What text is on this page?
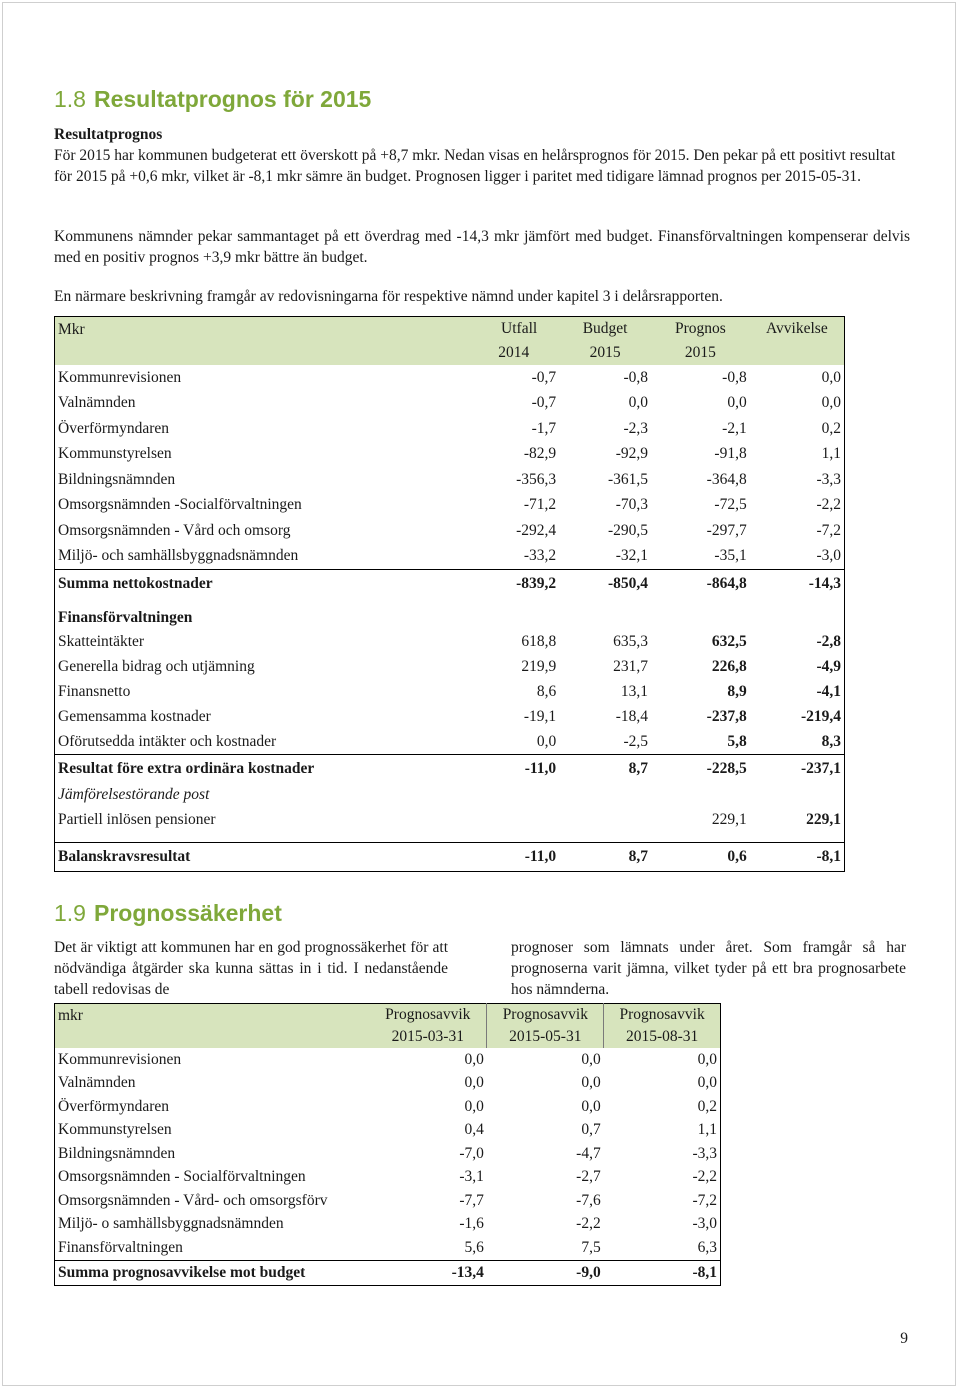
1.8 Resultatprognos för 2015
Resultatprognos
För 2015 har kommunen budgeterat ett överskott på +8,7 mkr. Nedan visas en helårsprognos för 2015. Den pekar på ett positivt resultat för 2015 på +0,6 mkr, vilket är -8,1 mkr sämre än budget. Prognosen ligger i paritet med tidigare lämnad prognos per 2015-05-31.
Kommunens nämnder pekar sammantaget på ett överdrag med -14,3 mkr jämfört med budget. Finansförvaltningen kompenserar delvis med en positiv prognos +3,9 mkr bättre än budget.
En närmare beskrivning framgår av redovisningarna för respektive nämnd under kapitel 3 i delårsrapporten.
Mkr	Utfall	Budget	Prognos	Avvikelse
	2014	2015	2015	
Kommunrevisionen	-0,7	-0,8	-0,8	0,0
Valnämnden	-0,7	0,0	0,0	0,0
Överförmyndaren	-1,7	-2,3	-2,1	0,2
Kommunstyrelsen	-82,9	-92,9	-91,8	1,1
Bildningsnämnden	-356,3	-361,5	-364,8	-3,3
Omsorgsnämnden -Socialförvaltningen	-71,2	-70,3	-72,5	-2,2
Omsorgsnämnden - Vård och omsorg	-292,4	-290,5	-297,7	-7,2
Miljö- och samhällsbyggnadsnämnden	-33,2	-32,1	-35,1	-3,0
Summa nettokostnader	-839,2	-850,4	-864,8	-14,3

Finansförvaltningen				
Skatteintäkter	618,8	635,3	632,5	-2,8
Generella bidrag och utjämning	219,9	231,7	226,8	-4,9
Finansnetto	8,6	13,1	8,9	-4,1
Gemensamma kostnader	-19,1	-18,4	-237,8	-219,4
Oförutsedda intäkter och kostnader	0,0	-2,5	5,8	8,3
Resultat före extra ordinära kostnader	-11,0	8,7	-228,5	-237,1
Jämförelsestörande post				
Partiell inlösen pensioner			229,1	229,1

Balanskravsresultat	-11,0	8,7	0,6	-8,1
1.9 Prognossäkerhet
Det är viktigt att kommunen har en god prognossäkerhet för att nödvändiga åtgärder ska kunna sättas in i tid. I nedanstående tabell redovisas de
prognoser som lämnats under året. Som framgår så har prognoserna varit jämna, vilket tyder på ett bra prognosarbete hos nämnderna.
mkr	Prognosavvik	Prognosavvik	Prognosavvik
	2015-03-31	2015-05-31	2015-08-31
Kommunrevisionen	0,0	0,0	0,0
Valnämnden	0,0	0,0	0,0
Överförmyndaren	0,0	0,0	0,2
Kommunstyrelsen	0,4	0,7	1,1
Bildningsnämnden	-7,0	-4,7	-3,3
Omsorgsnämnden - Socialförvaltningen	-3,1	-2,7	-2,2
Omsorgsnämnden - Vård- och omsorgsförv	-7,7	-7,6	-7,2
Miljö- o samhällsbyggnadsnämnden	-1,6	-2,2	-3,0
Finansförvaltningen	5,6	7,5	6,3
Summa prognosavvikelse mot budget	-13,4	-9,0	-8,1
9
